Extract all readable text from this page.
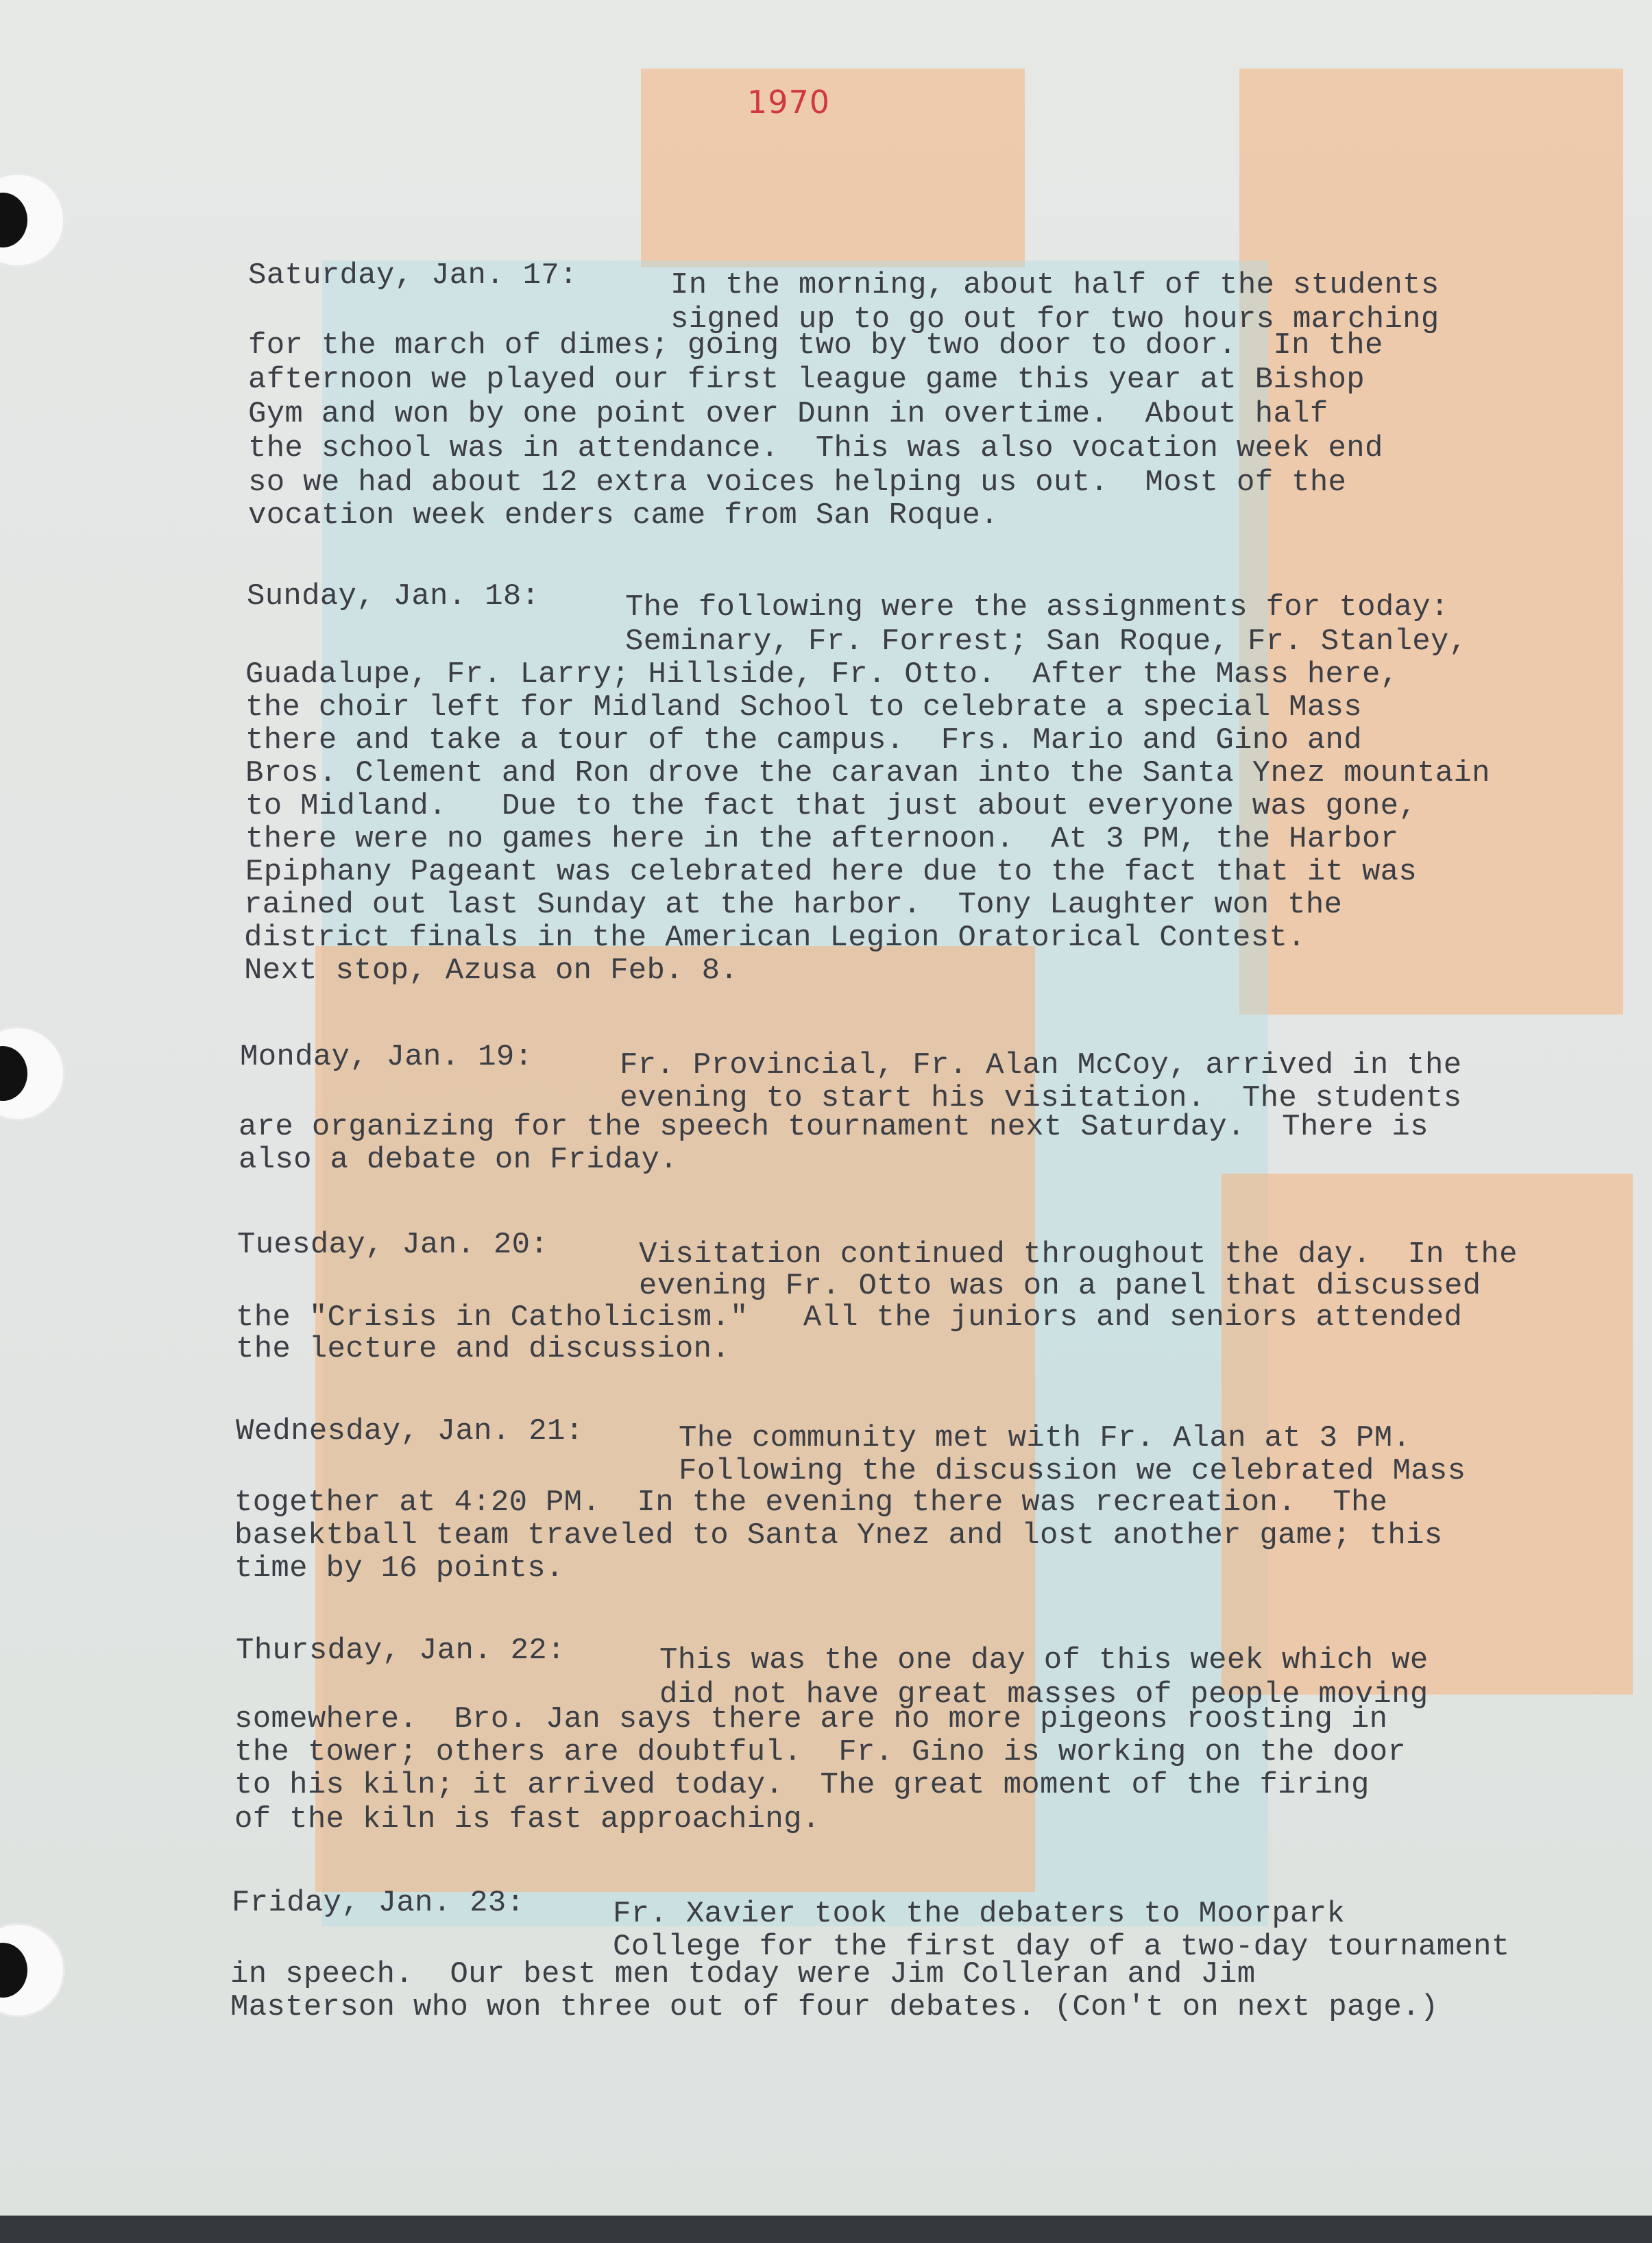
1970
Saturday, Jan. 17:	In the morning, about half of the students
signed up to go out for two hours marching
for the march of dimes; going two by two door to door.  In the
afternoon we played our first league game this year at Bishop
Gym and won by one point over Dunn in overtime.  About half
the school was in attendance.  This was also vocation week end
so we had about 12 extra voices helping us out.  Most of the
vocation week enders came from San Roque.
Sunday, Jan. 18:	The following were the assignments for today:
Seminary, Fr. Forrest; San Roque, Fr. Stanley,
Guadalupe, Fr. Larry; Hillside, Fr. Otto.  After the Mass here,
the choir left for Midland School to celebrate a special Mass
there and take a tour of the campus.  Frs. Mario and Gino and
Bros. Clement and Ron drove the caravan into the Santa Ynez mountain
to Midland.   Due to the fact that just about everyone was gone,
there were no games here in the afternoon.  At 3 PM, the Harbor
Epiphany Pageant was celebrated here due to the fact that it was
rained out last Sunday at the harbor.  Tony Laughter won the
district finals in the American Legion Oratorical Contest.
Next stop, Azusa on Feb. 8.
Monday, Jan. 19:	Fr. Provincial, Fr. Alan McCoy, arrived in the
evening to start his visitation.  The students
are organizing for the speech tournament next Saturday.  There is
also a debate on Friday.
Tuesday, Jan. 20:	Visitation continued throughout the day.  In the
evening Fr. Otto was on a panel that discussed
the "Crisis in Catholicism."   All the juniors and seniors attended
the lecture and discussion.
Wednesday, Jan. 21:	The community met with Fr. Alan at 3 PM.
Following the discussion we celebrated Mass
together at 4:20 PM.  In the evening there was recreation.  The
basektball team traveled to Santa Ynez and lost another game; this
time by 16 points.
Thursday, Jan. 22:	This was the one day of this week which we
did not have great masses of people moving
somewhere.  Bro. Jan says there are no more pigeons roosting in
the tower; others are doubtful.  Fr. Gino is working on the door
to his kiln; it arrived today.  The great moment of the firing
of the kiln is fast approaching.
Friday, Jan. 23:	Fr. Xavier took the debaters to Moorpark
College for the first day of a two-day tournament
in speech.  Our best men today were Jim Colleran and Jim
Masterson who won three out of four debates. (Con't on next page.)
